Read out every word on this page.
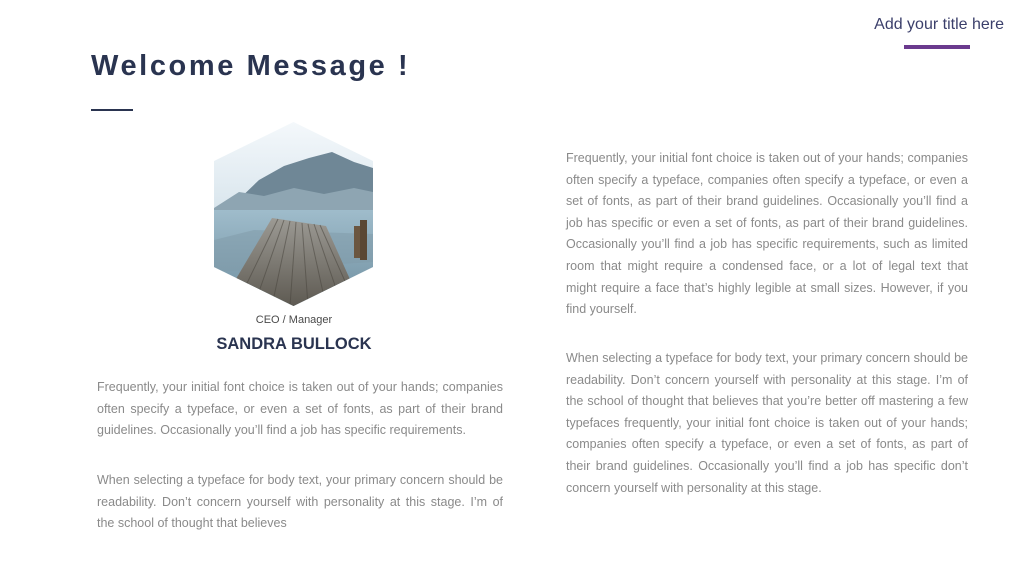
Add your title here
Welcome Message !
CEO / Manager
SANDRA BULLOCK

Frequently, your initial font choice is taken out of your hands; companies often specify a typeface, or even a set of fonts, as part of their brand guidelines. Occasionally you’ll find a job has specific requirements.

When selecting a typeface for body text, your primary concern should be readability. Don’t concern yourself with personality at this stage. I’m of the school of thought that believes

Frequently, your initial font choice is taken out of your hands; companies often specify a typeface, companies often specify a typeface, or even a set of fonts, as part of their brand guidelines. Occasionally you’ll find a job has specific or even a set of fonts, as part of their brand guidelines. Occasionally you’ll find a job has specific requirements, such as limited room that might require a condensed face, or a lot of legal text that might require a face that’s highly legible at small sizes. However, if you find yourself.

When selecting a typeface for body text, your primary concern should be readability. Don’t concern yourself with personality at this stage. I’m of the school of thought that believes that you’re better off mastering a few typefaces frequently, your initial font choice is taken out of your hands; companies often specify a typeface, or even a set of fonts, as part of their brand guidelines. Occasionally you’ll find a job has specific don’t concern yourself with personality at this stage.
